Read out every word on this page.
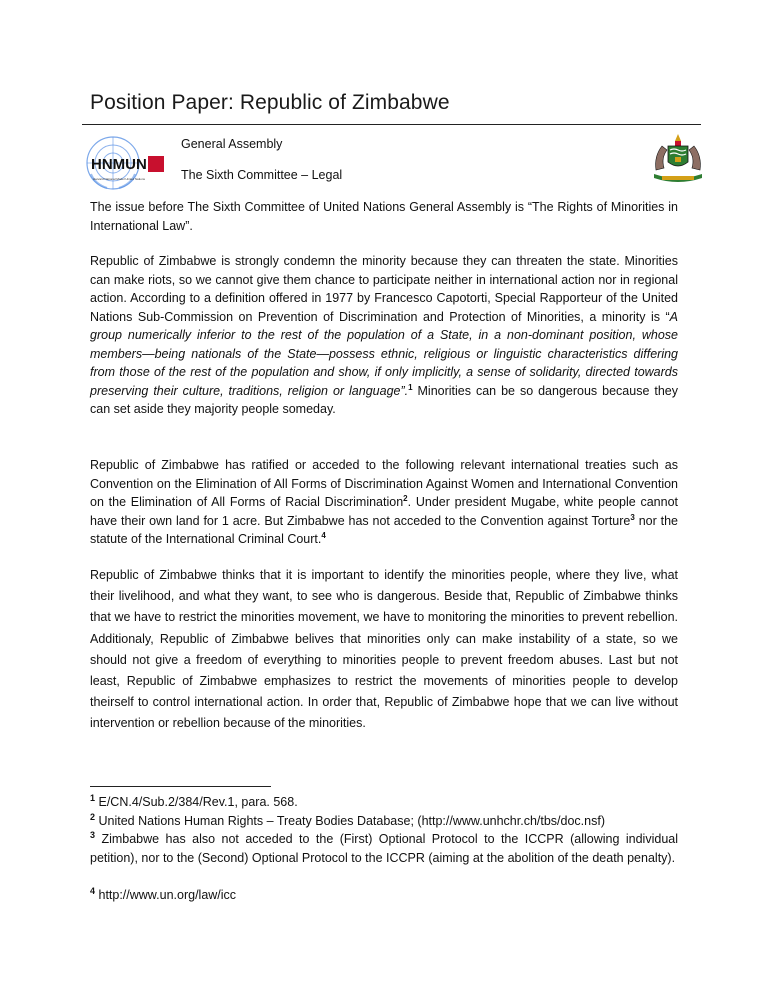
Position Paper: Republic of Zimbabwe
HNMUN
Harvard National Model United Nations
General Assembly
The Sixth Committee – Legal

The issue before The Sixth Committee of United Nations General Assembly is “The Rights of Minorities in International Law”.

Republic of Zimbabwe is strongly condemn the minority because they can threaten the state. Minorities can make riots, so we cannot give them chance to participate neither in international action nor in regional action. According to a definition offered in 1977 by Francesco Capotorti, Special Rapporteur of the United Nations Sub-Commission on Prevention of Discrimination and Protection of Minorities, a minority is “A group numerically inferior to the rest of the population of a State, in a non-dominant position, whose members—being nationals of the State—possess ethnic, religious or linguistic characteristics differing from those of the rest of the population and show, if only implicitly, a sense of solidarity, directed towards preserving their culture, traditions, religion or language”.$^1$ Minorities can be so dangerous because they can set aside they majority people someday.

Republic of Zimbabwe has ratified or acceded to the following relevant international treaties such as Convention on the Elimination of All Forms of Discrimination Against Women and International Convention on the Elimination of All Forms of Racial Discrimination$^2$. Under president Mugabe, white people cannot have their own land for 1 acre. But Zimbabwe has not acceded to the Convention against Torture$^3$ nor the statute of the International Criminal Court.$^4$

Republic of Zimbabwe thinks that it is important to identify the minorities people, where they live, what their livelihood, and what they want, to see who is dangerous. Beside that, Republic of Zimbabwe thinks that we have to restrict the minorities movement, we have to monitoring the minorities to prevent rebellion. Additionaly, Republic of Zimbabwe belives that minorities only can make instability of a state, so we should not give a freedom of everything to minorities people to prevent freedom abuses. Last but not least, Republic of Zimbabwe emphasizes to restrict the movements of minorities people to develop theirself to control international action. In order that, Republic of Zimbabwe hope that we can live without intervention or rebellion because of the minorities.

$^1$ E/CN.4/Sub.2/384/Rev.1, para. 568.
$^2$ United Nations Human Rights – Treaty Bodies Database; (http://www.unhchr.ch/tbs/doc.nsf)
$^3$ Zimbabwe has also not acceded to the (First) Optional Protocol to the ICCPR (allowing individual petition), nor to the (Second) Optional Protocol to the ICCPR (aiming at the abolition of the death penalty).
$^4$ http://www.un.org/law/icc
